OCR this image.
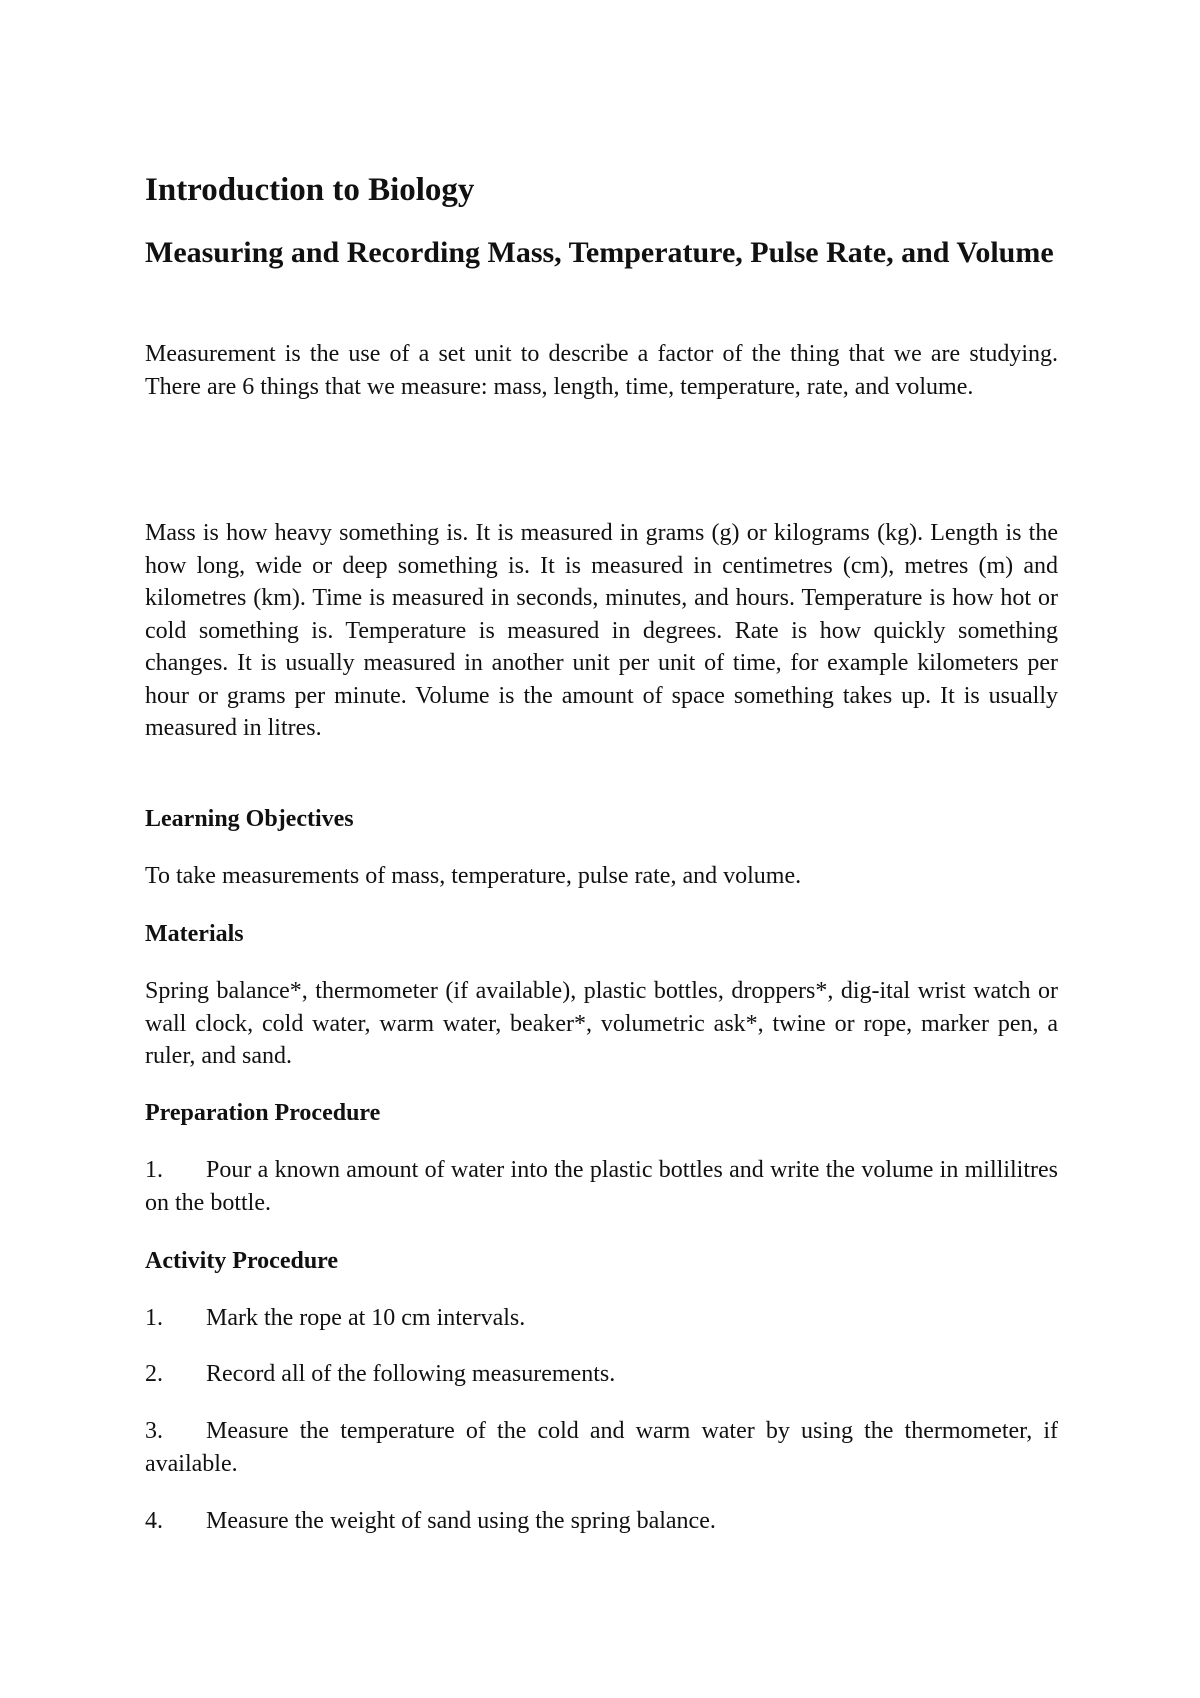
Introduction to Biology
Measuring and Recording Mass, Temperature, Pulse Rate, and Volume

Measurement is the use of a set unit to describe a factor of the thing that we are studying. There are 6 things that we measure: mass, length, time, temperature, rate, and volume.

Mass is how heavy something is. It is measured in grams (g) or kilograms (kg). Length is the how long, wide or deep something is. It is measured in centimetres (cm), metres (m) and kilometres (km). Time is measured in seconds, minutes, and hours. Temperature is how hot or cold something is. Temperature is measured in degrees. Rate is how quickly something changes. It is usually measured in another unit per unit of time, for example kilometers per hour or grams per minute. Volume is the amount of space something takes up. It is usually measured in litres.

Learning Objectives

To take measurements of mass, temperature, pulse rate, and volume.

Materials

Spring balance*, thermometer (if available), plastic bottles, droppers*, dig-ital wrist watch or wall clock, cold water, warm water, beaker*, volumetric ask*, twine or rope, marker pen, a ruler, and sand.

Preparation Procedure

1. Pour a known amount of water into the plastic bottles and write the volume in millilitres on the bottle.

Activity Procedure

1. Mark the rope at 10 cm intervals.

2. Record all of the following measurements.

3. Measure the temperature of the cold and warm water by using the thermometer, if available.

4. Measure the weight of sand using the spring balance.
